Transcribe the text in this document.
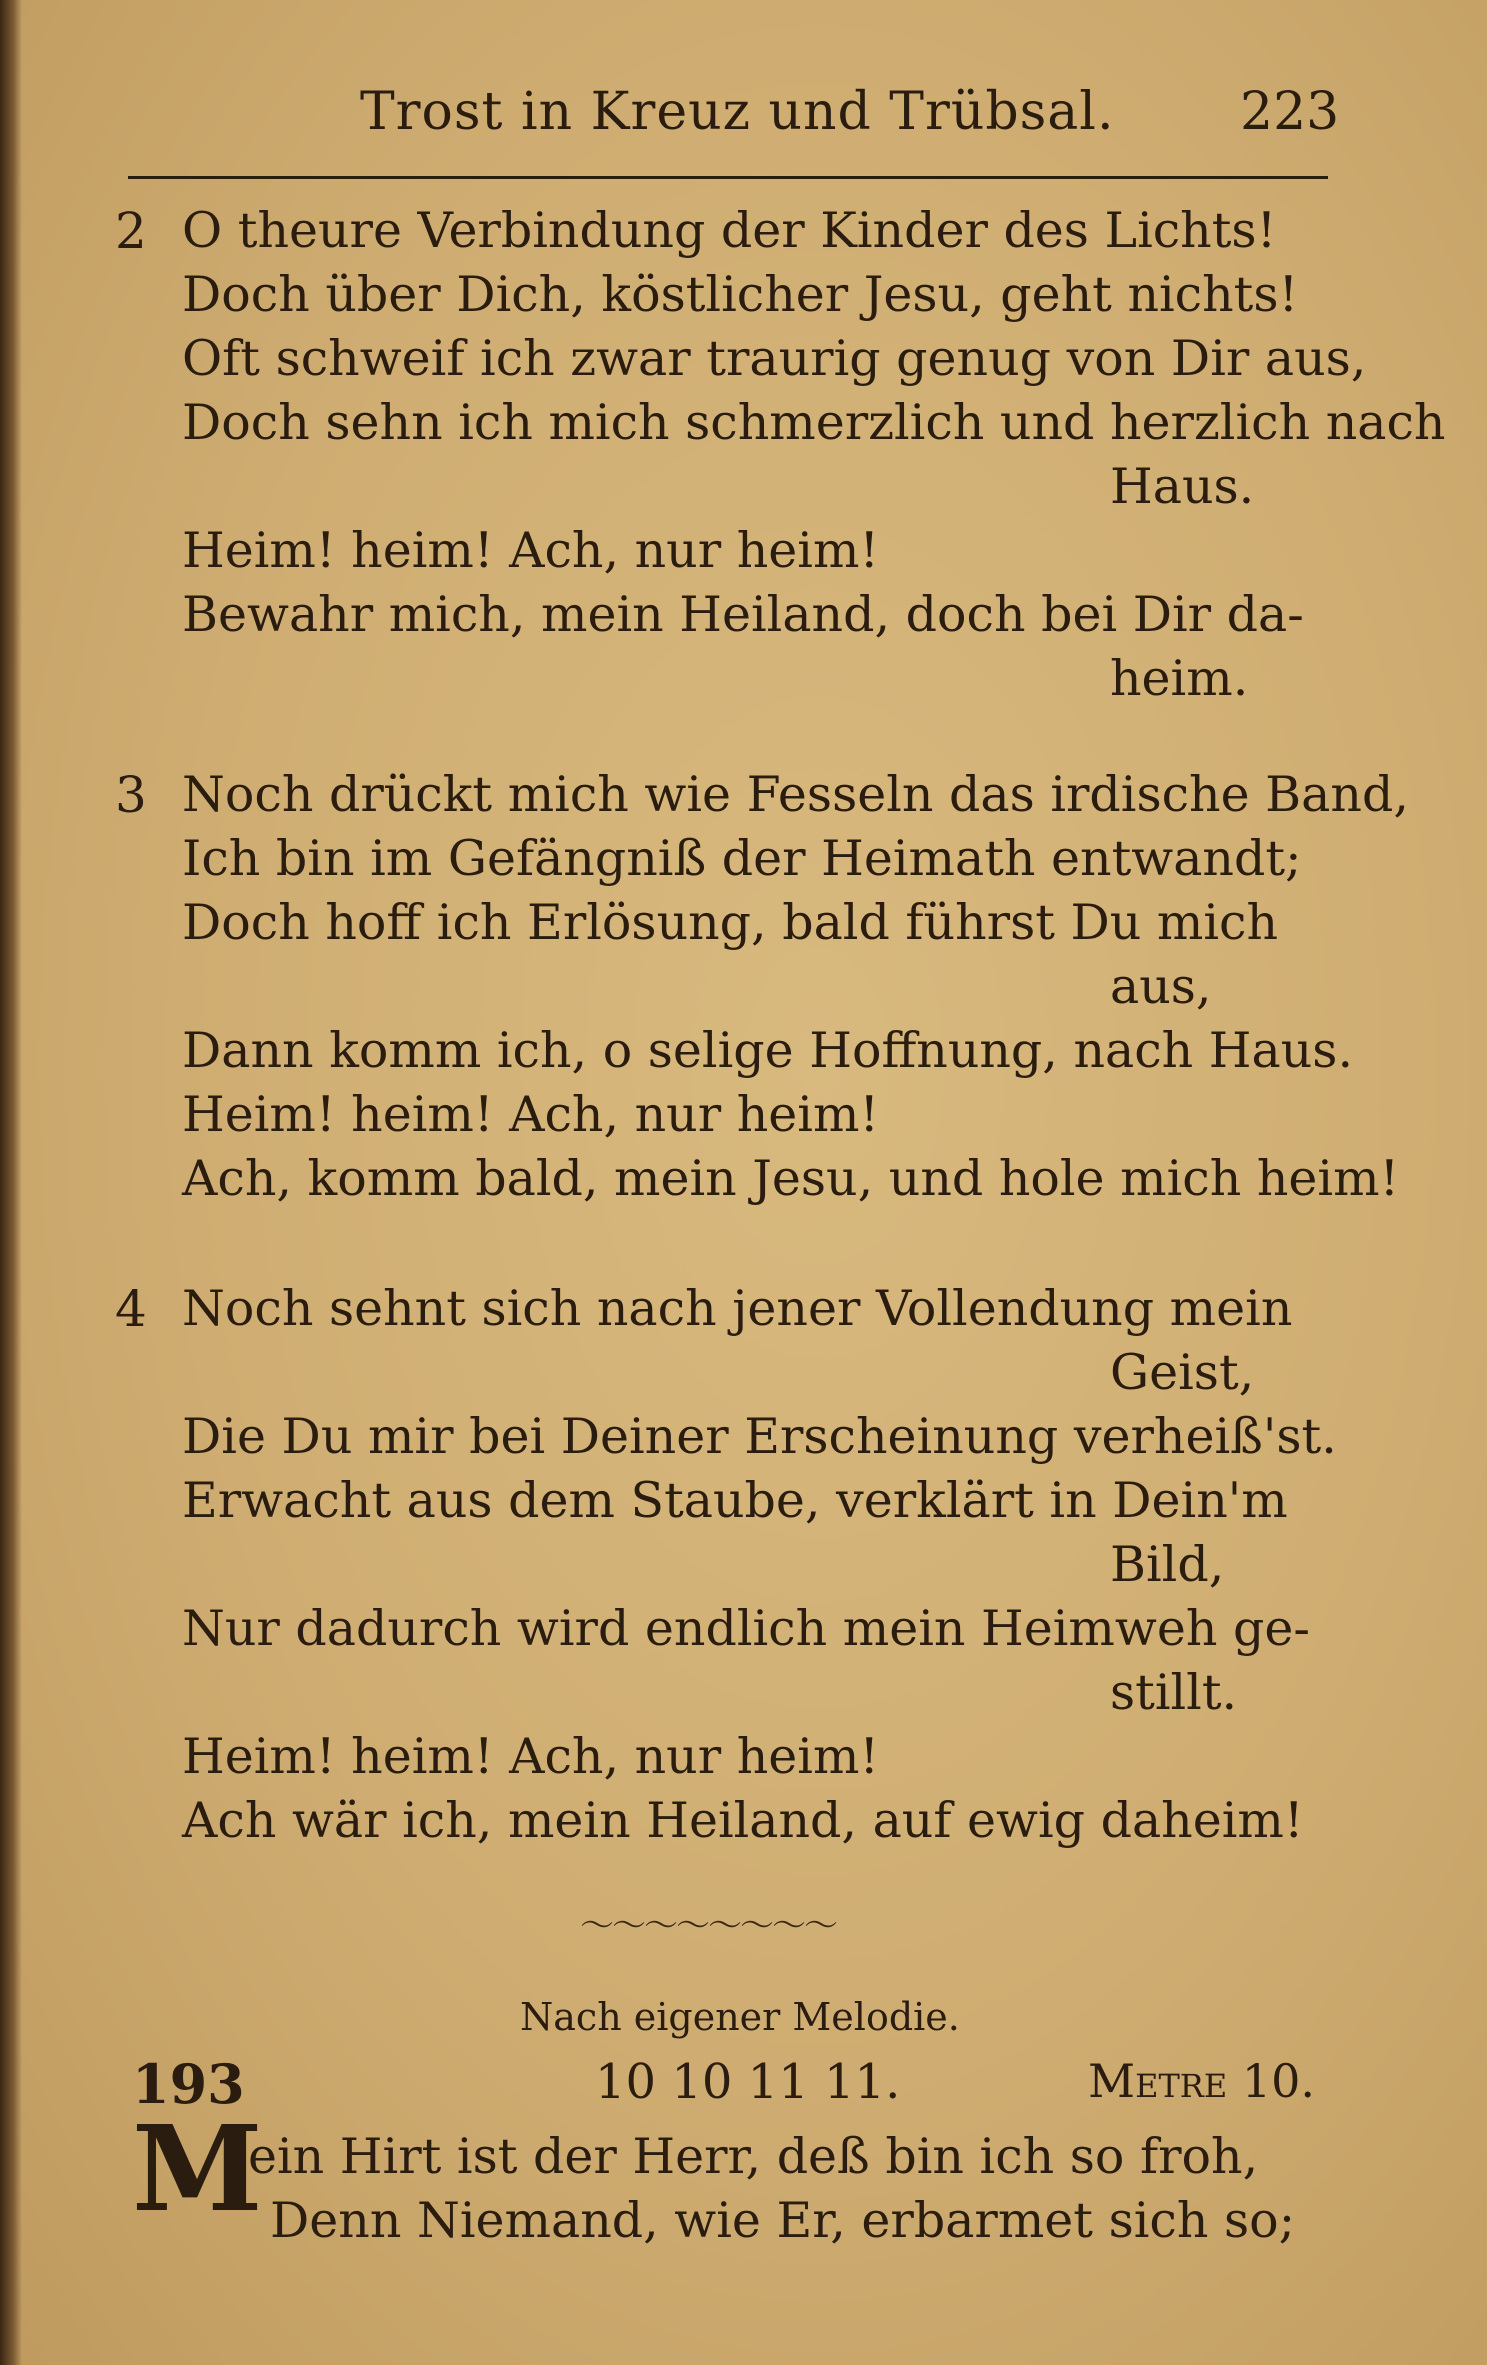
Trost in Kreuz und Trübsal. 223
2 O theure Verbindung der Kinder des Lichts!
Doch über Dich, köstlicher Jesu, geht nichts!
Oft schweif ich zwar traurig genug von Dir aus,
Doch sehn ich mich schmerzlich und herzlich nach
Haus.
Heim! heim! Ach, nur heim!
Bewahr mich, mein Heiland, doch bei Dir da-
heim.
3 Noch drückt mich wie Fesseln das irdische Band,
Ich bin im Gefängniß der Heimath entwandt;
Doch hoff ich Erlösung, bald führst Du mich
aus,
Dann komm ich, o selige Hoffnung, nach Haus.
Heim! heim! Ach, nur heim!
Ach, komm bald, mein Jesu, und hole mich heim!
4 Noch sehnt sich nach jener Vollendung mein
Geist,
Die Du mir bei Deiner Erscheinung verheiß'st.
Erwacht aus dem Staube, verklärt in Dein'm
Bild,
Nur dadurch wird endlich mein Heimweh ge-
stillt.
Heim! heim! Ach, nur heim!
Ach wär ich, mein Heiland, auf ewig daheim!
〜〜〜〜〜〜〜〜
Nach eigener Melodie.
193	10 10 11 11.	Metre 10.
M
ein Hirt ist der Herr, deß bin ich so froh,
Denn Niemand, wie Er, erbarmet sich so;
